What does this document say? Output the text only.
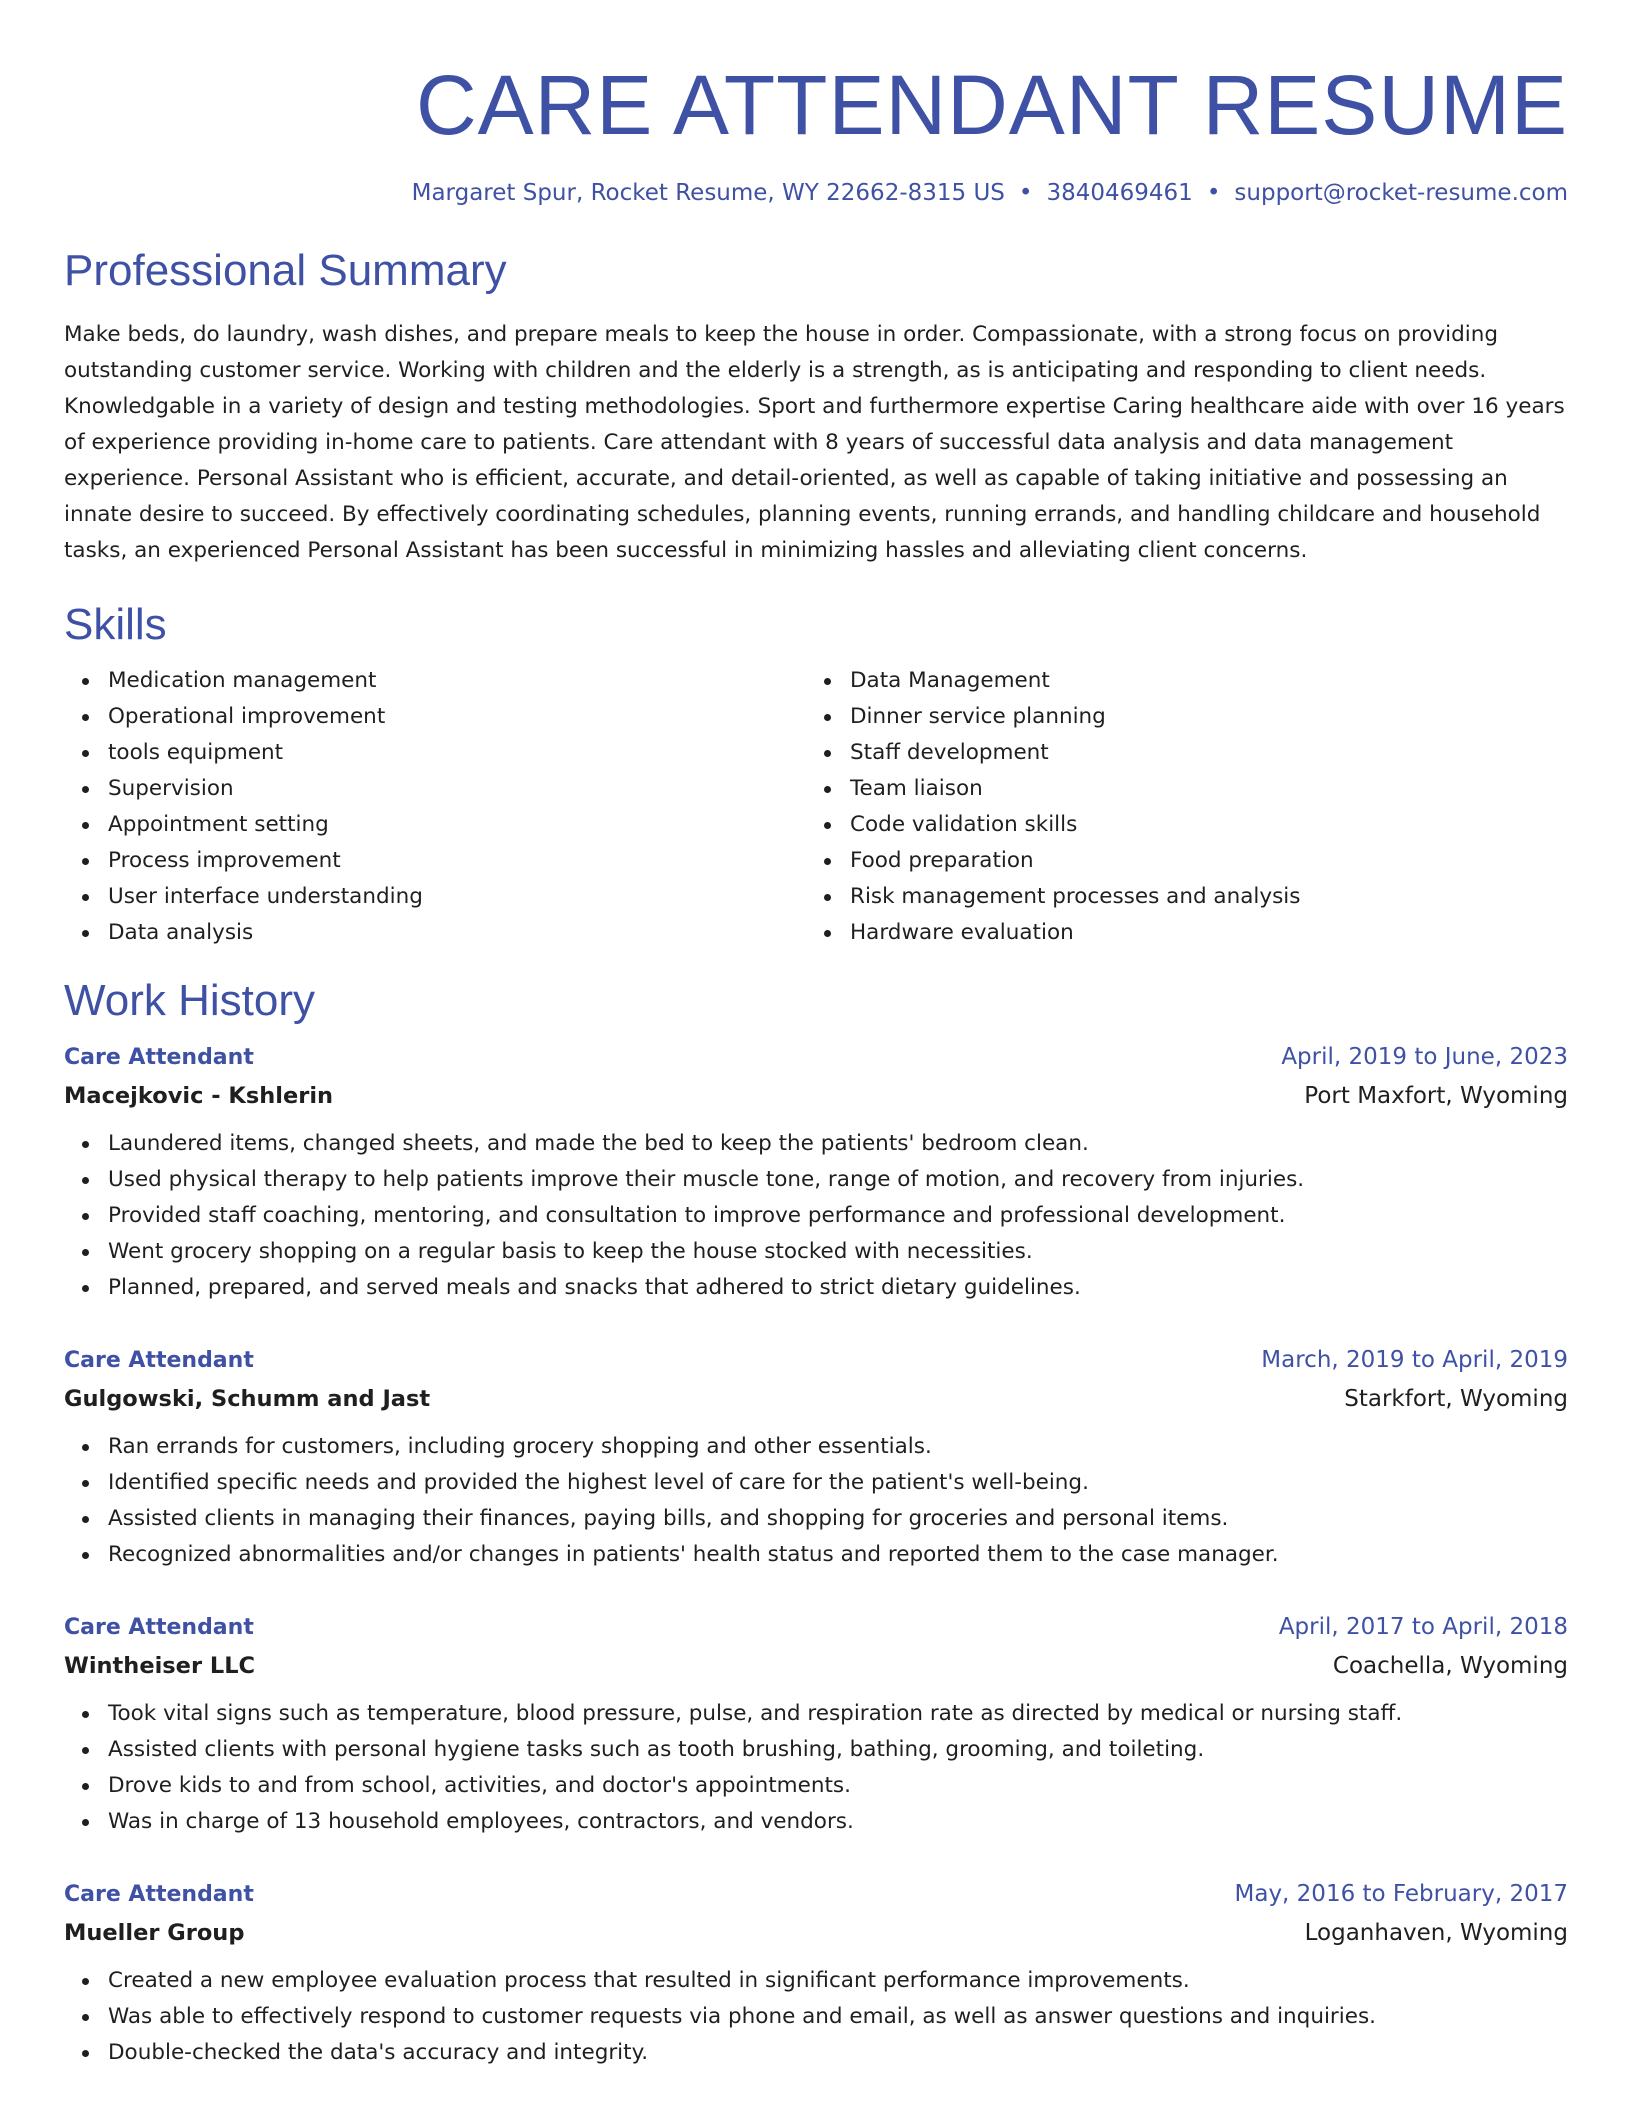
CARE ATTENDANT RESUME
Margaret Spur, Rocket Resume, WY 22662-8315 US • 3840469461 • support@rocket-resume.com
Professional Summary
Make beds, do laundry, wash dishes, and prepare meals to keep the house in order. Compassionate, with a strong focus on providing outstanding customer service. Working with children and the elderly is a strength, as is anticipating and responding to client needs. Knowledgable in a variety of design and testing methodologies. Sport and furthermore expertise Caring healthcare aide with over 16 years of experience providing in-home care to patients. Care attendant with 8 years of successful data analysis and data management experience. Personal Assistant who is efficient, accurate, and detail-oriented, as well as capable of taking initiative and possessing an innate desire to succeed. By effectively coordinating schedules, planning events, running errands, and handling childcare and household tasks, an experienced Personal Assistant has been successful in minimizing hassles and alleviating client concerns.
Skills
Medication management
Operational improvement
tools equipment
Supervision
Appointment setting
Process improvement
User interface understanding
Data analysis
Data Management
Dinner service planning
Staff development
Team liaison
Code validation skills
Food preparation
Risk management processes and analysis
Hardware evaluation
Work History
Care Attendant	April, 2019 to June, 2023
Macejkovic - Kshlerin	Port Maxfort, Wyoming
Laundered items, changed sheets, and made the bed to keep the patients' bedroom clean.
Used physical therapy to help patients improve their muscle tone, range of motion, and recovery from injuries.
Provided staff coaching, mentoring, and consultation to improve performance and professional development.
Went grocery shopping on a regular basis to keep the house stocked with necessities.
Planned, prepared, and served meals and snacks that adhered to strict dietary guidelines.
Care Attendant	March, 2019 to April, 2019
Gulgowski, Schumm and Jast	Starkfort, Wyoming
Ran errands for customers, including grocery shopping and other essentials.
Identified specific needs and provided the highest level of care for the patient's well-being.
Assisted clients in managing their finances, paying bills, and shopping for groceries and personal items.
Recognized abnormalities and/or changes in patients' health status and reported them to the case manager.
Care Attendant	April, 2017 to April, 2018
Wintheiser LLC	Coachella, Wyoming
Took vital signs such as temperature, blood pressure, pulse, and respiration rate as directed by medical or nursing staff.
Assisted clients with personal hygiene tasks such as tooth brushing, bathing, grooming, and toileting.
Drove kids to and from school, activities, and doctor's appointments.
Was in charge of 13 household employees, contractors, and vendors.
Care Attendant	May, 2016 to February, 2017
Mueller Group	Loganhaven, Wyoming
Created a new employee evaluation process that resulted in significant performance improvements.
Was able to effectively respond to customer requests via phone and email, as well as answer questions and inquiries.
Double-checked the data's accuracy and integrity.
